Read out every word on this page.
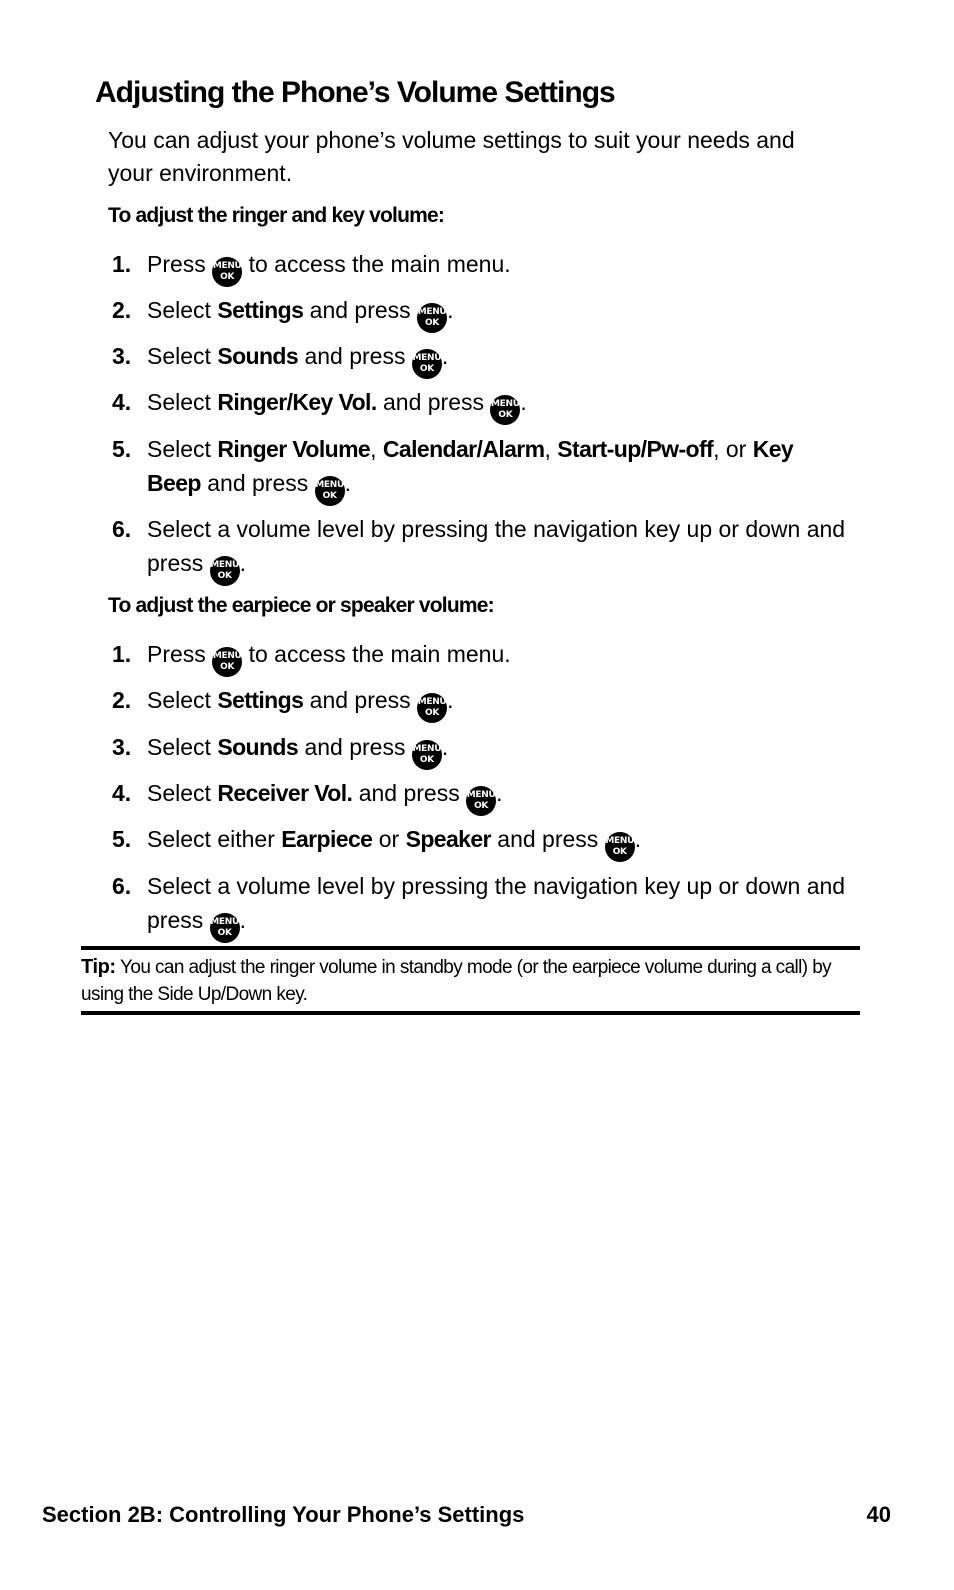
Adjusting the Phone’s Volume Settings
You can adjust your phone’s volume settings to suit your needs and your environment.
To adjust the ringer and key volume:
1. Press MENU
OK to access the main menu.
2. Select Settings and press MENU
OK .
3. Select Sounds and press MENU
OK .
4. Select Ringer/Key Vol. and press MENU
OK .
5. Select Ringer Volume, Calendar/Alarm, Start-up/Pw-off, or Key Beep and press MENU
OK .
6. Select a volume level by pressing the navigation key up or down and press MENU
OK .
To adjust the earpiece or speaker volume:
1. Press MENU
OK to access the main menu.
2. Select Settings and press MENU
OK .
3. Select Sounds and press MENU
OK .
4. Select Receiver Vol. and press MENU
OK .
5. Select either Earpiece or Speaker and press MENU
OK .
6. Select a volume level by pressing the navigation key up or down and press MENU
OK .
Tip: You can adjust the ringer volume in standby mode (or the earpiece volume during a call) by using the Side Up/Down key.
Section 2B: Controlling Your Phone’s Settings	40
